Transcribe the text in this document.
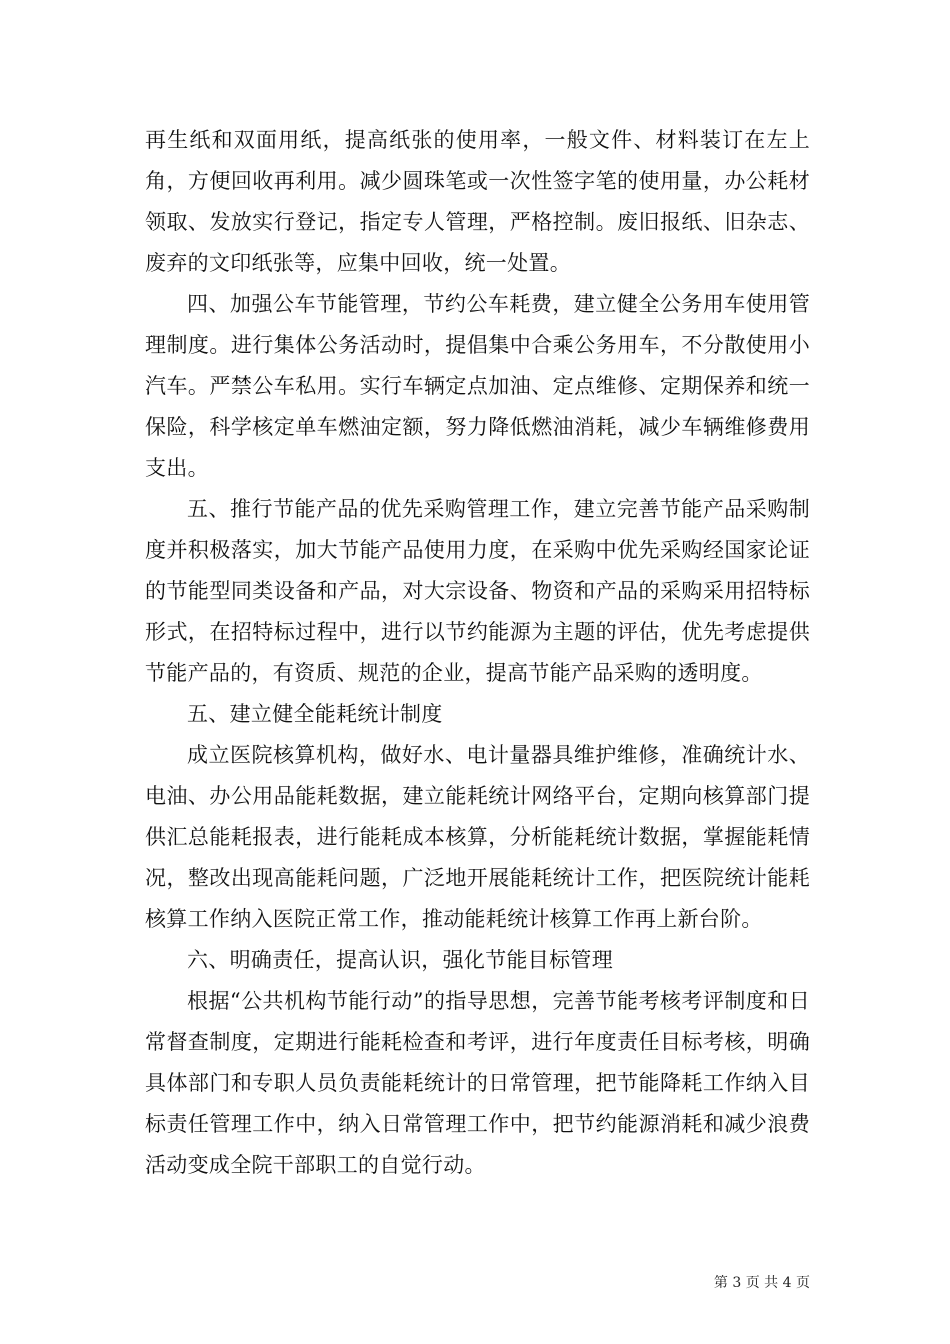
再生纸和双面用纸，提高纸张的使用率，一般文件、材料装订在左上角，方便回收再利用。减少圆珠笔或一次性签字笔的使用量，办公耗材领取、发放实行登记，指定专人管理，严格控制。废旧报纸、旧杂志、废弃的文印纸张等，应集中回收，统一处置。

四、加强公车节能管理，节约公车耗费，建立健全公务用车使用管理制度。进行集体公务活动时，提倡集中合乘公务用车，不分散使用小汽车。严禁公车私用。实行车辆定点加油、定点维修、定期保养和统一保险，科学核定单车燃油定额，努力降低燃油消耗，减少车辆维修费用支出。

五、推行节能产品的优先采购管理工作，建立完善节能产品采购制度并积极落实，加大节能产品使用力度，在采购中优先采购经国家论证的节能型同类设备和产品，对大宗设备、物资和产品的采购采用招特标形式，在招特标过程中，进行以节约能源为主题的评估，优先考虑提供节能产品的，有资质、规范的企业，提高节能产品采购的透明度。

五、建立健全能耗统计制度

成立医院核算机构，做好水、电计量器具维护维修，准确统计水、电油、办公用品能耗数据，建立能耗统计网络平台，定期向核算部门提供汇总能耗报表，进行能耗成本核算，分析能耗统计数据，掌握能耗情况，整改出现高能耗问题，广泛地开展能耗统计工作，把医院统计能耗核算工作纳入医院正常工作，推动能耗统计核算工作再上新台阶。

六、明确责任，提高认识，强化节能目标管理

根据“公共机构节能行动”的指导思想，完善节能考核考评制度和日常督查制度，定期进行能耗检查和考评，进行年度责任目标考核，明确具体部门和专职人员负责能耗统计的日常管理，把节能降耗工作纳入目标责任管理工作中，纳入日常管理工作中，把节约能源消耗和减少浪费活动变成全院干部职工的自觉行动。

第 3 页 共 4 页
